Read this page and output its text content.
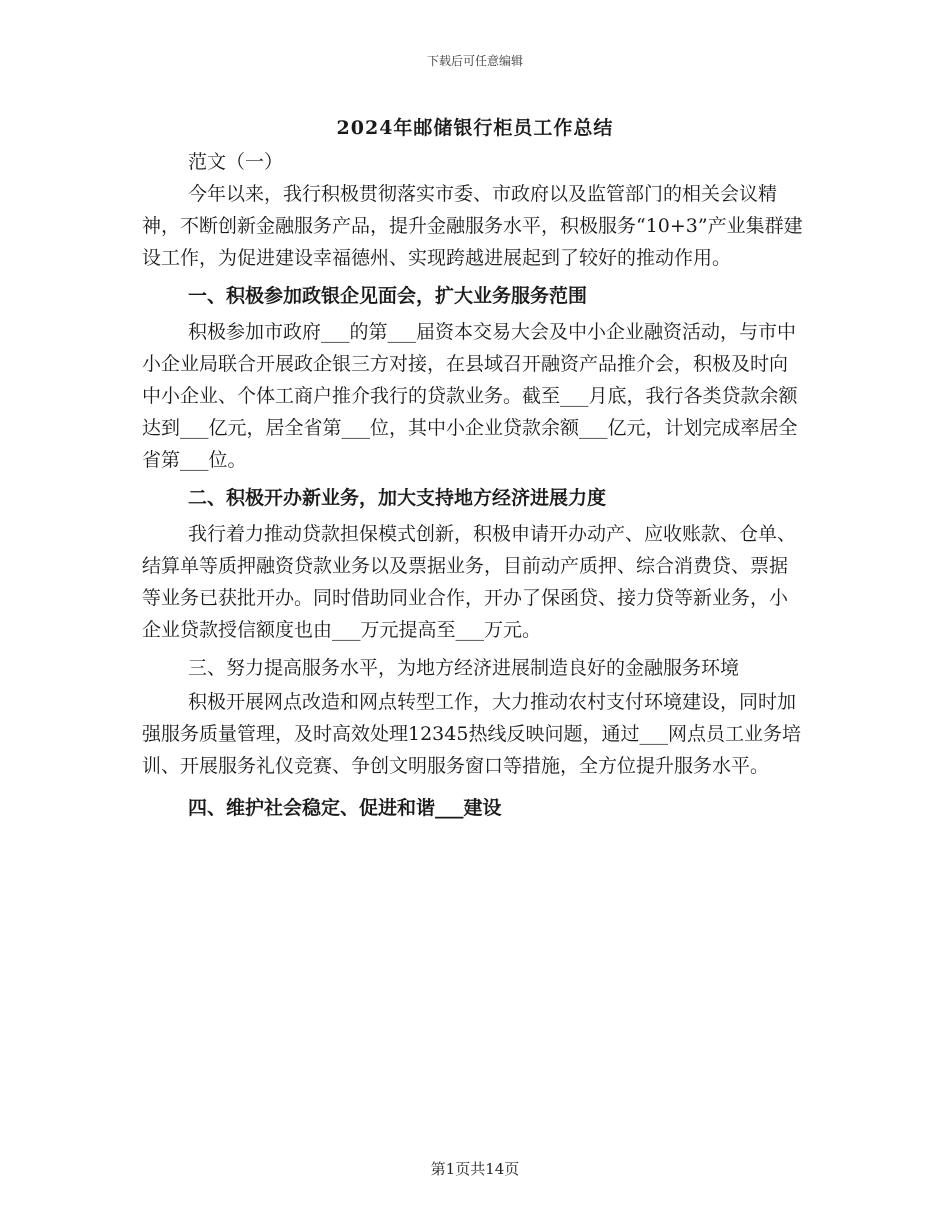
下载后可任意编辑
2024年邮储银行柜员工作总结

范文（一）

今年以来，我行积极贯彻落实市委、市政府以及监管部门的相关会议精神，不断创新金融服务产品，提升金融服务水平，积极服务“10+3”产业集群建设工作，为促进建设幸福德州、实现跨越进展起到了较好的推动作用。

一、积极参加政银企见面会，扩大业务服务范围

积极参加市政府___的第___届资本交易大会及中小企业融资活动，与市中小企业局联合开展政企银三方对接，在县域召开融资产品推介会，积极及时向中小企业、个体工商户推介我行的贷款业务。截至___月底，我行各类贷款余额达到___亿元，居全省第___位，其中小企业贷款余额___亿元，计划完成率居全省第___位。

二、积极开办新业务，加大支持地方经济进展力度

我行着力推动贷款担保模式创新，积极申请开办动产、应收账款、仓单、结算单等质押融资贷款业务以及票据业务，目前动产质押、综合消费贷、票据等业务已获批开办。同时借助同业合作，开办了保函贷、接力贷等新业务，小企业贷款授信额度也由___万元提高至___万元。

三、努力提高服务水平，为地方经济进展制造良好的金融服务环境

积极开展网点改造和网点转型工作，大力推动农村支付环境建设，同时加强服务质量管理，及时高效处理12345热线反映问题，通过___网点员工业务培训、开展服务礼仪竞赛、争创文明服务窗口等措施，全方位提升服务水平。

四、维护社会稳定、促进和谐___建设

第1页共14页
